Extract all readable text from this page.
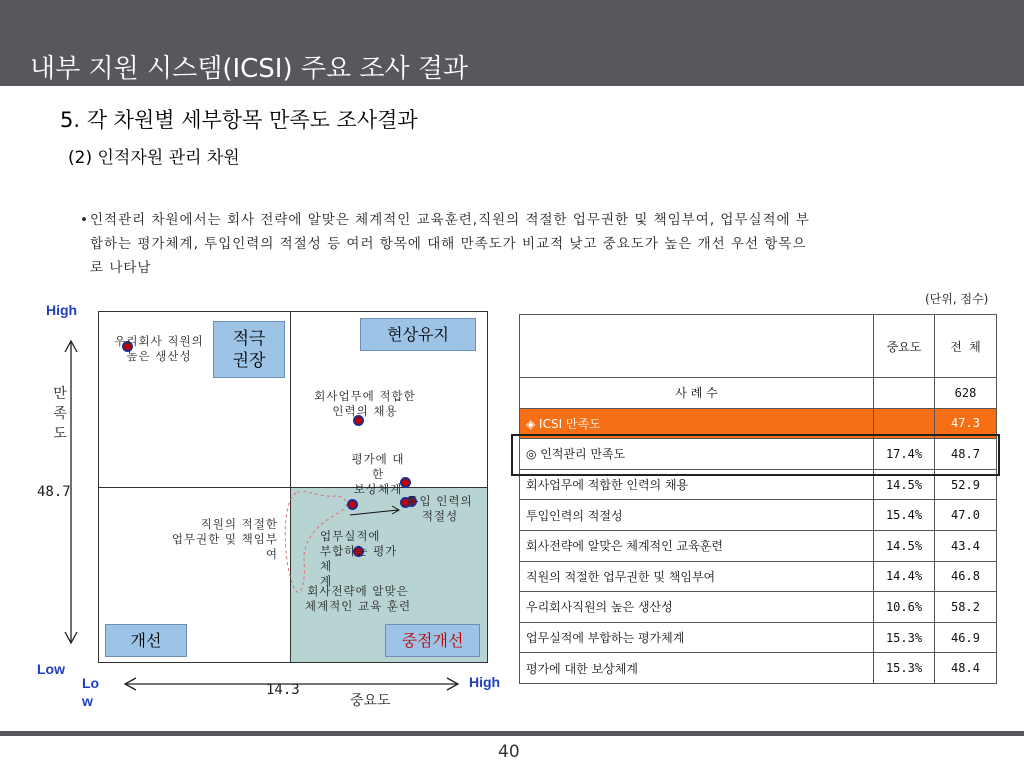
내부 지원 시스템(ICSI) 주요 조사 결과
5. 각 차원별 세부항목 만족도 조사결과
(2) 인적자원 관리 차원
• 인적관리 차원에서는 회사 전략에 알맞은 체계적인 교육훈련,직원의 적절한 업무권한 및 책임부여, 업무실적에 부
합하는 평가체계, 투입인력의 적절성 등 여러 항목에 대해 만족도가 비교적 낮고 중요도가 높은 개선 우선 항목으
로 나타남
(단위, 점수)
High
Low
Low
High
만족도
중요도
48.7
14.3
적극 권장
현상유지
개선	중점개선
우리회사 직원의
높은 생산성
회사업무에 적합한
인력의 채용
평가에 대
한
보상체계
투입 인력의
적절성
직원의 적절한
업무권한 및 책임부
여
업무실적에
부합하는 평가체
계
회사전략에 알맞은
체계적인 교육 훈련
	중요도	전 체
사 례 수		628
◈ ICSI 만족도		47.3
◎ 인적관리 만족도	17.4%	48.7
회사업무에 적합한 인력의 채용	14.5%	52.9
투입인력의 적절성	15.4%	47.0
회사전략에 알맞은 체계적인 교육훈련	14.5%	43.4
직원의 적절한 업무권한 및 책임부여	14.4%	46.8
우리회사직원의 높은 생산성	10.6%	58.2
업무실적에 부합하는 평가체계	15.3%	46.9
평가에 대한 보상체계	15.3%	48.4
40
